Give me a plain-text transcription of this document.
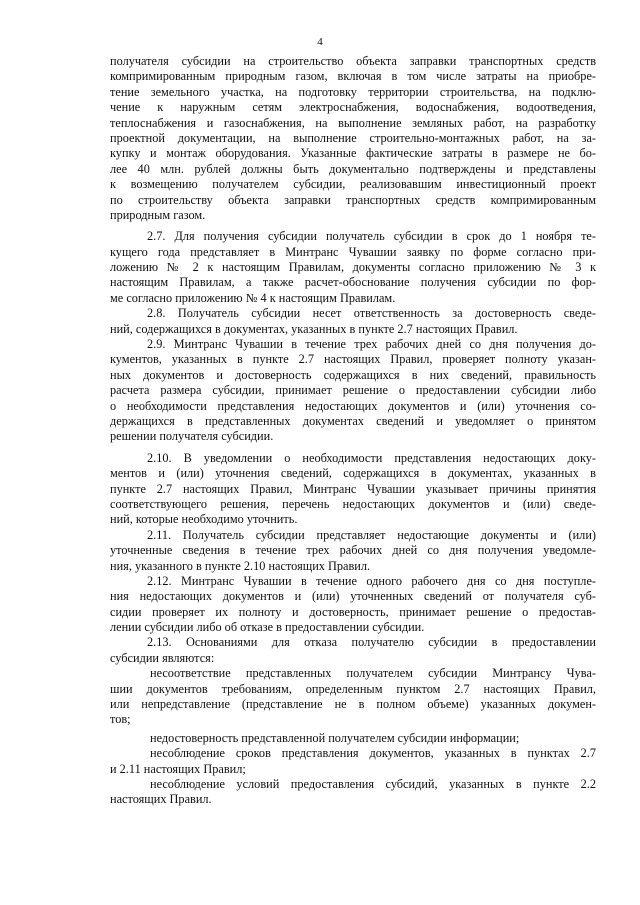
4
получателя субсидии на строительство объекта заправки транспортных средств
компримированным природным газом, включая в том числе затраты на приобре-
тение земельного участка, на подготовку территории строительства, на подклю-
чение к наружным сетям электроснабжения, водоснабжения, водоотведения,
теплоснабжения и газоснабжения, на выполнение земляных работ, на разработку
проектной документации, на выполнение строительно-монтажных работ, на за-
купку и монтаж оборудования. Указанные фактические затраты в размере не бо-
лее 40 млн. рублей должны быть документально подтверждены и представлены
к возмещению получателем субсидии, реализовавшим инвестиционный проект
по строительству объекта заправки транспортных средств компримированным
природным газом.
2.7. Для получения субсидии получатель субсидии в срок до 1 ноября те-
кущего года представляет в Минтранс Чувашии заявку по форме согласно при-
ложению № 2 к настоящим Правилам, документы согласно приложению № 3 к
настоящим Правилам, а также расчет-обоснование получения субсидии по фор-
ме согласно приложению № 4 к настоящим Правилам.
2.8. Получатель субсидии несет ответственность за достоверность сведе-
ний, содержащихся в документах, указанных в пункте 2.7 настоящих Правил.
2.9. Минтранс Чувашии в течение трех рабочих дней со дня получения до-
кументов, указанных в пункте 2.7 настоящих Правил, проверяет полноту указан-
ных документов и достоверность содержащихся в них сведений, правильность
расчета размера субсидии, принимает решение о предоставлении субсидии либо
о необходимости представления недостающих документов и (или) уточнения со-
держащихся в представленных документах сведений и уведомляет о принятом
решении получателя субсидии.
2.10. В уведомлении о необходимости представления недостающих доку-
ментов и (или) уточнения сведений, содержащихся в документах, указанных в
пункте 2.7 настоящих Правил, Минтранс Чувашии указывает причины принятия
соответствующего решения, перечень недостающих документов и (или) сведе-
ний, которые необходимо уточнить.
2.11. Получатель субсидии представляет недостающие документы и (или)
уточненные сведения в течение трех рабочих дней со дня получения уведомле-
ния, указанного в пункте 2.10 настоящих Правил.
2.12. Минтранс Чувашии в течение одного рабочего дня со дня поступле-
ния недостающих документов и (или) уточненных сведений от получателя суб-
сидии проверяет их полноту и достоверность, принимает решение о предостав-
лении субсидии либо об отказе в предоставлении субсидии.
2.13. Основаниями для отказа получателю субсидии в предоставлении
субсидии являются:
несоответствие представленных получателем субсидии Минтрансу Чува-
шии документов требованиям, определенным пунктом 2.7 настоящих Правил,
или непредставление (представление не в полном объеме) указанных докумен-
тов;
недостоверность представленной получателем субсидии информации;
несоблюдение сроков представления документов, указанных в пунктах 2.7
и 2.11 настоящих Правил;
несоблюдение условий предоставления субсидий, указанных в пункте 2.2
настоящих Правил.
